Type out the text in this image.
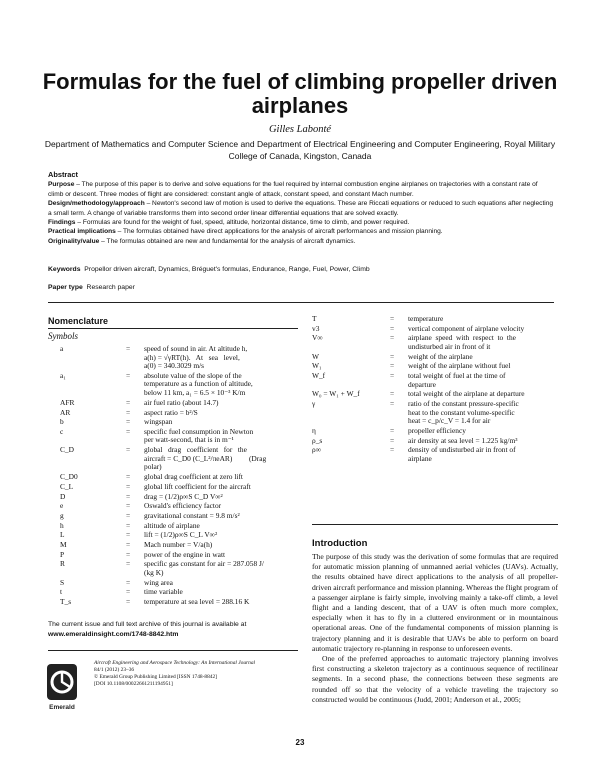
Formulas for the fuel of climbing propeller driven airplanes
Gilles Labonté
Department of Mathematics and Computer Science and Department of Electrical Engineering and Computer Engineering, Royal Military College of Canada, Kingston, Canada

Abstract

Purpose – The purpose of this paper is to derive and solve equations for the fuel required by internal combustion engine airplanes on trajectories with a constant rate of climb or descent. Three modes of flight are considered: constant angle of attack, constant speed, and constant Mach number.

Design/methodology/approach – Newton's second law of motion is used to derive the equations. These are Riccati equations or reduced to such equations after neglecting a small term. A change of variable transforms them into second order linear differential equations that are solved exactly.

Findings – Formulas are found for the weight of fuel, speed, altitude, horizontal distance, time to climb, and power required.

Practical implications – The formulas obtained have direct applications for the analysis of aircraft performances and mission planning.

Originality/value – The formulas obtained are new and fundamental for the analysis of aircraft dynamics.

Keywords Propellor driven aircraft, Dynamics, Bréguet's formulas, Endurance, Range, Fuel, Power, Climb
Paper type Research paper
Nomenclature
Symbols
a	= speed of sound in air. At altitude h,
a(h) = √γRT(h).   At   sea   level,
a(0) = 340.3029 m/s
a₁	= absolute value of the slope of the
temperature as a function of altitude,
below 11 km, a₁ = 6.5 × 10⁻³ K/m
AFR	= air fuel ratio (about 14.7)
AR	= aspect ratio = b²/S
b	= wingspan
c	= specific fuel consumption in Newton
per watt-second, that is in m⁻¹
C_D	= global   drag   coefficient   for   the
aircraft = C_D0 (C_L²/πeAR)         (Drag
polar)
C_D0	= global drag coefficient at zero lift
C_L	= global lift coefficient for the aircraft
D	= drag = (1/2)ρ∞S C_D V∞²
e	= Oswald's efficiency factor
g	= gravitational constant = 9.8 m/s²
h	= altitude of airplane
L	= lift = (1/2)ρ∞S C_L V∞²
M	= Mach number = V/a(h)
P	= power of the engine in watt
R	= specific gas constant for air = 287.058 J/
(kg K)
S	= wing area
t	= time variable
T_s	= temperature at sea level = 288.16 K
T	= temperature
v3	= vertical component of airplane velocity
V∞	= airplane  speed  with  respect  to  the
undisturbed air in front of it
W	= weight of the airplane
W₁	= weight of the airplane without fuel
W_f	= total weight of fuel at the time of
departure
W₀ = W₁ + W_f	= total weight of the airplane at departure
γ	= ratio of the constant pressure-specific
heat to the constant volume-specific
heat = c_p/c_V = 1.4 for air
η	= propeller efficiency
ρ_s	= air density at sea level = 1.225 kg/m³
ρ∞	= density of undisturbed air in front of
airplane
Introduction

The purpose of this study was the derivation of some formulas that are required for automatic mission planning of unmanned aerial vehicles (UAVs). Actually, the results obtained have direct applications to the analysis of all propeller-driven aircraft performance and mission planning. Whereas the flight program of a passenger airplane is fairly simple, involving mainly a take-off climb, a level flight and a landing descent, that of a UAV is often much more complex, especially when it has to fly in a cluttered environment or in mountainous operational areas. One of the fundamental components of mission planning is trajectory planning and it is desirable that UAVs be able to perform on board automatic trajectory re-planning in response to unforeseen events.

One of the preferred approaches to automatic trajectory planning involves first constructing a skeleton trajectory as a continuous sequence of rectilinear segments. In a second phase, the connections between these segments are rounded off so that the velocity of a vehicle traveling the trajectory so constructed would be continuous (Judd, 2001; Anderson et al., 2005;

The current issue and full text archive of this journal is available at
www.emeraldinsight.com/1748-8842.htm
Emerald
Aircraft Engineering and Aerospace Technology: An International Journal
84/1 (2012) 23–36
© Emerald Group Publishing Limited [ISSN 1748-8842]
[DOI 10.1108/00022661211194951]
23
